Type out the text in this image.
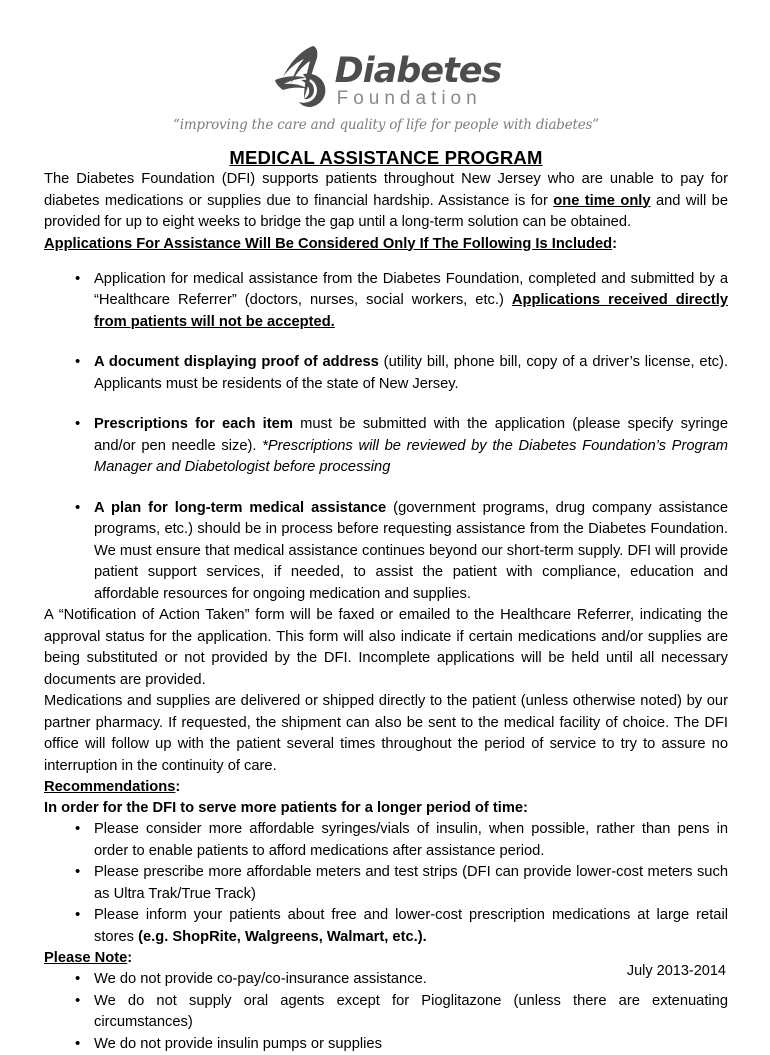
Diabetes
Foundation
“improving the care and quality of life for people with diabetes”
MEDICAL ASSISTANCE PROGRAM

The Diabetes Foundation (DFI) supports patients throughout New Jersey who are unable to pay for diabetes medications or supplies due to financial hardship. Assistance is for one time only and will be provided for up to eight weeks to bridge the gap until a long-term solution can be obtained.

Applications For Assistance Will Be Considered Only If The Following Is Included:
• Application for medical assistance from the Diabetes Foundation, completed and submitted by a “Healthcare Referrer” (doctors, nurses, social workers, etc.) Applications received directly from patients will not be accepted.
• A document displaying proof of address (utility bill, phone bill, copy of a driver’s license, etc). Applicants must be residents of the state of New Jersey.
• Prescriptions for each item must be submitted with the application (please specify syringe and/or pen needle size). *Prescriptions will be reviewed by the Diabetes Foundation’s Program Manager and Diabetologist before processing
• A plan for long-term medical assistance (government programs, drug company assistance programs, etc.) should be in process before requesting assistance from the Diabetes Foundation. We must ensure that medical assistance continues beyond our short-term supply. DFI will provide patient support services, if needed, to assist the patient with compliance, education and affordable resources for ongoing medication and supplies.

A “Notification of Action Taken” form will be faxed or emailed to the Healthcare Referrer, indicating the approval status for the application. This form will also indicate if certain medications and/or supplies are being substituted or not provided by the DFI. Incomplete applications will be held until all necessary documents are provided.

Medications and supplies are delivered or shipped directly to the patient (unless otherwise noted) by our partner pharmacy. If requested, the shipment can also be sent to the medical facility of choice. The DFI office will follow up with the patient several times throughout the period of service to try to assure no interruption in the continuity of care.

Recommendations:

In order for the DFI to serve more patients for a longer period of time:

• Please consider more affordable syringes/vials of insulin, when possible, rather than pens in order to enable patients to afford medications after assistance period.
• Please prescribe more affordable meters and test strips (DFI can provide lower-cost meters such as Ultra Trak/True Track)
• Please inform your patients about free and lower-cost prescription medications at large retail stores (e.g. ShopRite, Walgreens, Walmart, etc.).
Please Note:
• We do not provide co-pay/co-insurance assistance.
• We do not supply oral agents except for Pioglitazone (unless there are extenuating circumstances)
• We do not provide insulin pumps or supplies
July 2013-2014
